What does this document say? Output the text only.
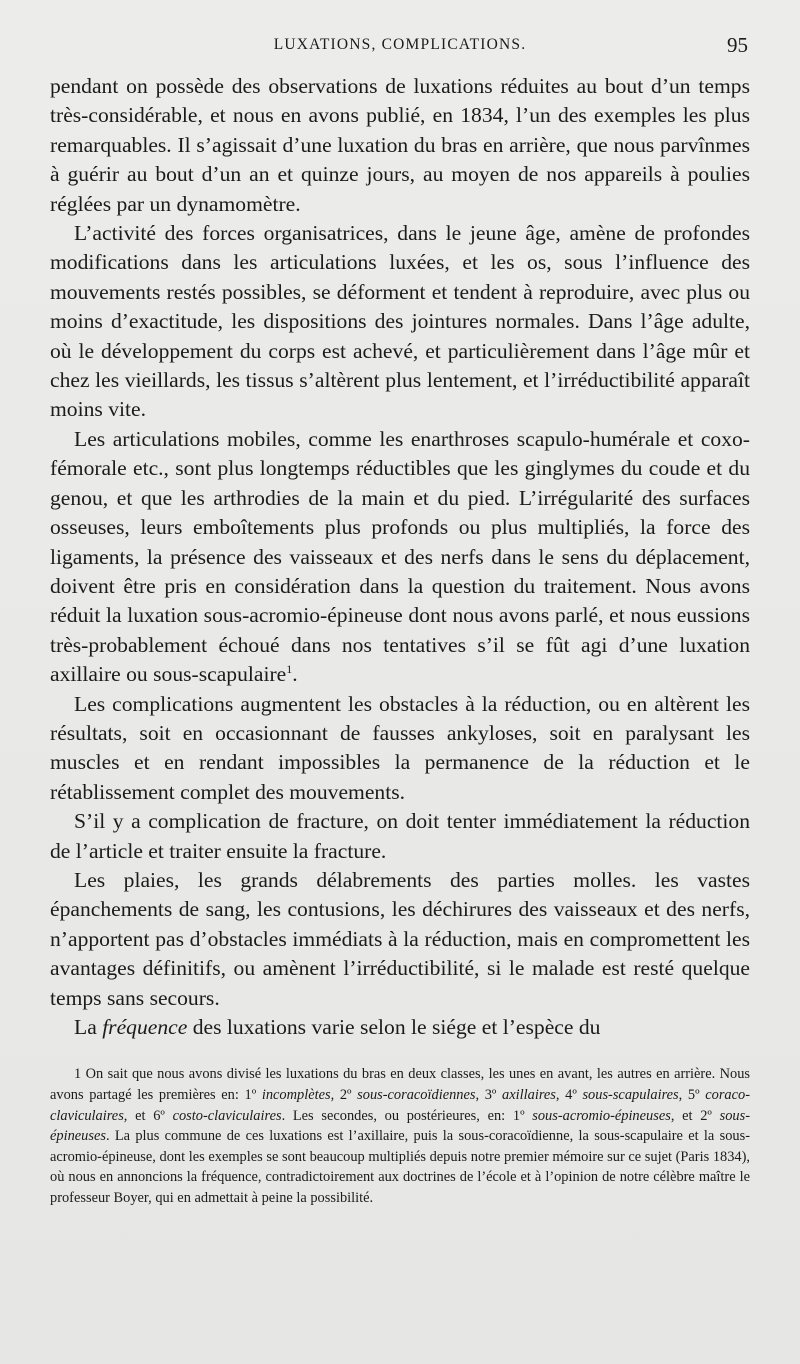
LUXATIONS, COMPLICATIONS.	95

pendant on possède des observations de luxations réduites au bout d’un temps très-considérable, et nous en avons publié, en 1834, l’un des exemples les plus remarquables. Il s’agissait d’une luxation du bras en arrière, que nous parvînmes à guérir au bout d’un an et quinze jours, au moyen de nos appareils à poulies réglées par un dynamomètre.

L’activité des forces organisatrices, dans le jeune âge, amène de profondes modifications dans les articulations luxées, et les os, sous l’influence des mouvements restés possibles, se déforment et tendent à reproduire, avec plus ou moins d’exactitude, les dispositions des jointures normales. Dans l’âge adulte, où le développement du corps est achevé, et particulièrement dans l’âge mûr et chez les vieillards, les tissus s’altèrent plus lentement, et l’irréductibilité apparaît moins vite.

Les articulations mobiles, comme les enarthroses scapulo-humérale et coxo-fémorale etc., sont plus longtemps réductibles que les ginglymes du coude et du genou, et que les arthrodies de la main et du pied. L’irrégularité des surfaces osseuses, leurs emboîtements plus profonds ou plus multipliés, la force des ligaments, la présence des vaisseaux et des nerfs dans le sens du déplacement, doivent être pris en considération dans la question du traitement. Nous avons réduit la luxation sous-acromio-épineuse dont nous avons parlé, et nous eussions très-probablement échoué dans nos tentatives s’il se fût agi d’une luxation axillaire ou sous-scapulaire$^1$.

Les complications augmentent les obstacles à la réduction, ou en altèrent les résultats, soit en occasionnant de fausses ankyloses, soit en paralysant les muscles et en rendant impossibles la permanence de la réduction et le rétablissement complet des mouvements.

S’il y a complication de fracture, on doit tenter immédiatement la réduction de l’article et traiter ensuite la fracture.

Les plaies, les grands délabrements des parties molles. les vastes épanchements de sang, les contusions, les déchirures des vaisseaux et des nerfs, n’apportent pas d’obstacles immédiats à la réduction, mais en compromettent les avantages définitifs, ou amènent l’irréductibilité, si le malade est resté quelque temps sans secours.

La fréquence des luxations varie selon le siége et l’espèce du

1 On sait que nous avons divisé les luxations du bras en deux classes, les unes en avant, les autres en arrière. Nous avons partagé les premières en: 1º incomplètes, 2º sous-coracoïdiennes, 3º axillaires, 4º sous-scapulaires, 5º coraco-claviculaires, et 6º costo-claviculaires. Les secondes, ou postérieures, en: 1º sous-acromio-épineuses, et 2º sous-épineuses. La plus commune de ces luxations est l’axillaire, puis la sous-coracoïdienne, la sous-scapulaire et la sous-acromio-épineuse, dont les exemples se sont beaucoup multipliés depuis notre premier mémoire sur ce sujet (Paris 1834), où nous en annoncions la fréquence, contradictoirement aux doctrines de l’école et à l’opinion de notre célèbre maître le professeur Boyer, qui en admettait à peine la possibilité.
